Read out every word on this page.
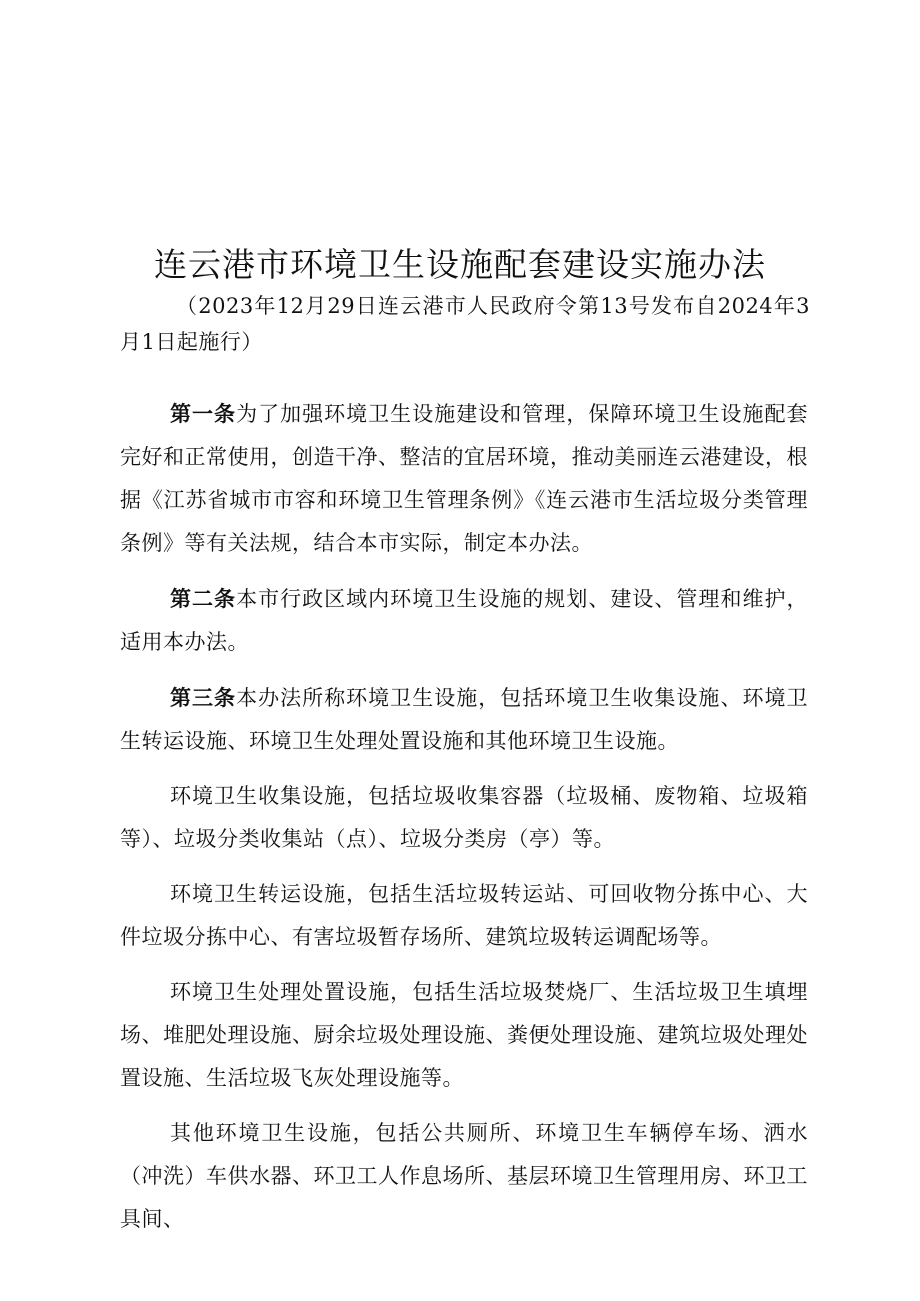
连云港市环境卫生设施配套建设实施办法
（2023年12月29日连云港市人民政府令第13号发布自2024年3月1日起施行）

第一条为了加强环境卫生设施建设和管理，保障环境卫生设施配套完好和正常使用，创造干净、整洁的宜居环境，推动美丽连云港建设，根据《江苏省城市市容和环境卫生管理条例》《连云港市生活垃圾分类管理条例》等有关法规，结合本市实际，制定本办法。

第二条本市行政区域内环境卫生设施的规划、建设、管理和维护，适用本办法。

第三条本办法所称环境卫生设施，包括环境卫生收集设施、环境卫生转运设施、环境卫生处理处置设施和其他环境卫生设施。

环境卫生收集设施，包括垃圾收集容器（垃圾桶、废物箱、垃圾箱等）、垃圾分类收集站（点）、垃圾分类房（亭）等。

环境卫生转运设施，包括生活垃圾转运站、可回收物分拣中心、大件垃圾分拣中心、有害垃圾暂存场所、建筑垃圾转运调配场等。

环境卫生处理处置设施，包括生活垃圾焚烧厂、生活垃圾卫生填埋场、堆肥处理设施、厨余垃圾处理设施、粪便处理设施、建筑垃圾处理处置设施、生活垃圾飞灰处理设施等。

其他环境卫生设施，包括公共厕所、环境卫生车辆停车场、洒水（冲洗）车供水器、环卫工人作息场所、基层环境卫生管理用房、环卫工具间、
